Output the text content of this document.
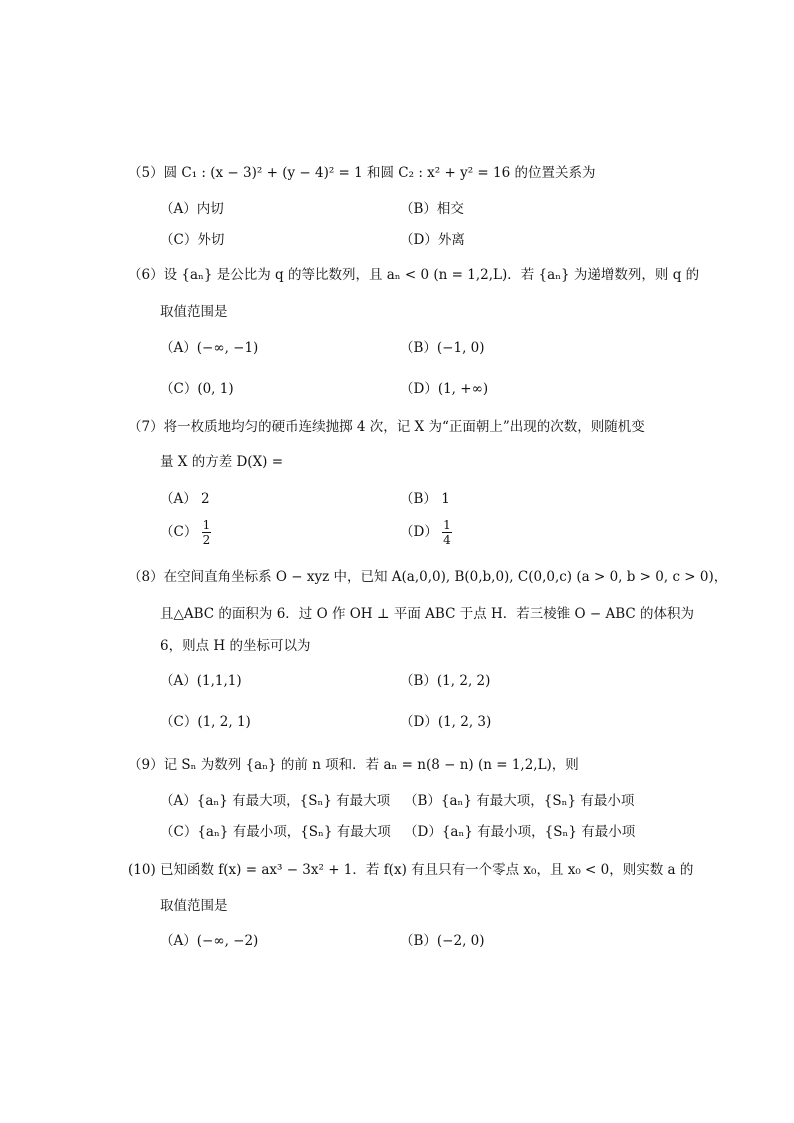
（5）圆 C₁ : (x − 3)² + (y − 4)² = 1 和圆 C₂ : x² + y² = 16 的位置关系为
（A）内切	（B）相交
（C）外切	（D）外离
（6）设 {aₙ} 是公比为 q 的等比数列，且 aₙ < 0 (n = 1,2,L)．若 {aₙ} 为递增数列，则 q 的
取值范围是
（A）(−∞, −1)	（B）(−1, 0)
（C）(0, 1)	（D）(1, +∞)
（7）将一枚质地均匀的硬币连续抛掷 4 次，记 X 为“正面朝上”出现的次数，则随机变
量 X 的方差 D(X) =
（A） 2	（B） 1
$(C) \frac{1}{2}$	$(D) \frac{1}{4}$
（8）在空间直角坐标系 O − xyz 中，已知 A(a,0,0), B(0,b,0), C(0,0,c) (a > 0, b > 0, c > 0)，
且△ABC 的面积为 6．过 O 作 OH ⊥ 平面 ABC 于点 H．若三棱锥 O − ABC 的体积为
6，则点 H 的坐标可以为
（A）(1,1,1)	（B）(1, 2, 2)
（C）(1, 2, 1)	（D）(1, 2, 3)
（9）记 Sₙ 为数列 {aₙ} 的前 n 项和．若 aₙ = n(8 − n) (n = 1,2,L)，则
（A）{aₙ} 有最大项，{Sₙ} 有最大项 （B）{aₙ} 有最大项，{Sₙ} 有最小项
（C）{aₙ} 有最小项，{Sₙ} 有最大项 （D）{aₙ} 有最小项，{Sₙ} 有最小项
(10) 已知函数 f(x) = ax³ − 3x² + 1．若 f(x) 有且只有一个零点 x₀，且 x₀ < 0，则实数 a 的
取值范围是
（A）(−∞, −2)	（B）(−2, 0)
